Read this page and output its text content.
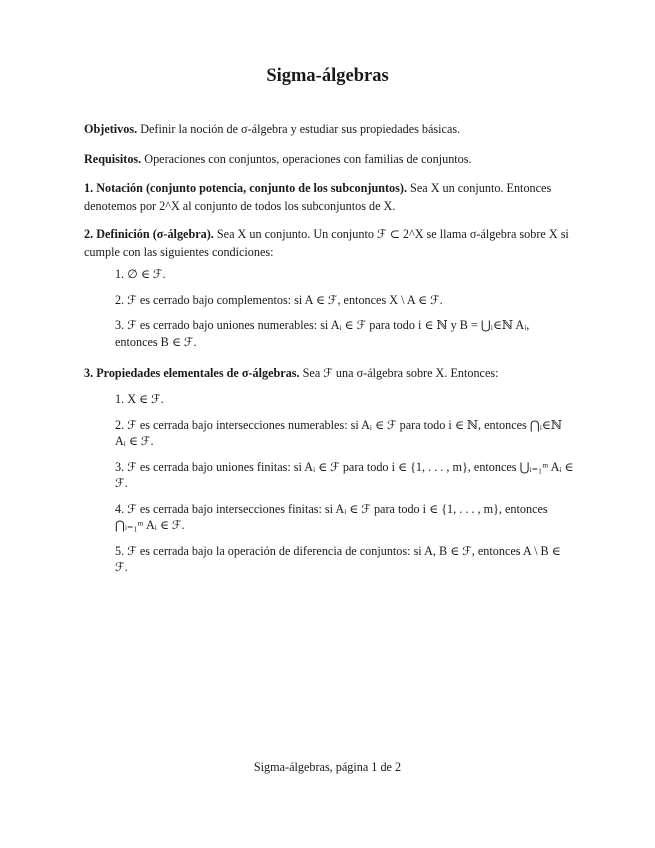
Sigma-álgebras
Objetivos. Definir la noción de σ-álgebra y estudiar sus propiedades básicas.
Requisitos. Operaciones con conjuntos, operaciones con familias de conjuntos.
1. Notación (conjunto potencia, conjunto de los subconjuntos). Sea X un conjunto. Entonces denotemos por 2^X al conjunto de todos los subconjuntos de X.
2. Definición (σ-álgebra). Sea X un conjunto. Un conjunto ℱ ⊂ 2^X se llama σ-álgebra sobre X si cumple con las siguientes condiciones:
1. ∅ ∈ ℱ.
2. ℱ es cerrado bajo complementos: si A ∈ ℱ, entonces X \ A ∈ ℱ.
3. ℱ es cerrado bajo uniones numerables: si Aᵢ ∈ ℱ para todo i ∈ ℕ y B = ⋃ᵢ∈ℕ Aᵢ, entonces B ∈ ℱ.
3. Propiedades elementales de σ-álgebras. Sea ℱ una σ-álgebra sobre X. Entonces:
1. X ∈ ℱ.
2. ℱ es cerrada bajo intersecciones numerables: si Aᵢ ∈ ℱ para todo i ∈ ℕ, entonces ⋂ᵢ∈ℕ Aᵢ ∈ ℱ.
3. ℱ es cerrada bajo uniones finitas: si Aᵢ ∈ ℱ para todo i ∈ {1, . . . , m}, entonces ⋃ᵢ₌₁ᵐ Aᵢ ∈ ℱ.
4. ℱ es cerrada bajo intersecciones finitas: si Aᵢ ∈ ℱ para todo i ∈ {1, . . . , m}, entonces ⋂ᵢ₌₁ᵐ Aᵢ ∈ ℱ.
5. ℱ es cerrada bajo la operación de diferencia de conjuntos: si A, B ∈ ℱ, entonces A \ B ∈ ℱ.
Sigma-álgebras, página 1 de 2
